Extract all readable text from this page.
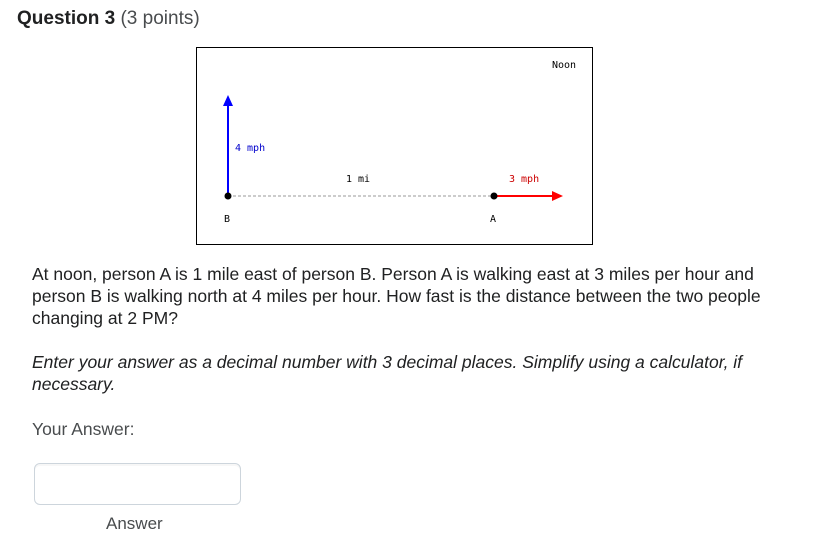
Question 3 (3 points)
Noon
4 mph
1 mi	3 mph
B	A
At noon, person A is 1 mile east of person B. Person A is walking east at 3 miles per hour and person B is walking north at 4 miles per hour. How fast is the distance between the two people changing at 2 PM?
Enter your answer as a decimal number with 3 decimal places. Simplify using a calculator, if necessary.
Your Answer:
Answer
